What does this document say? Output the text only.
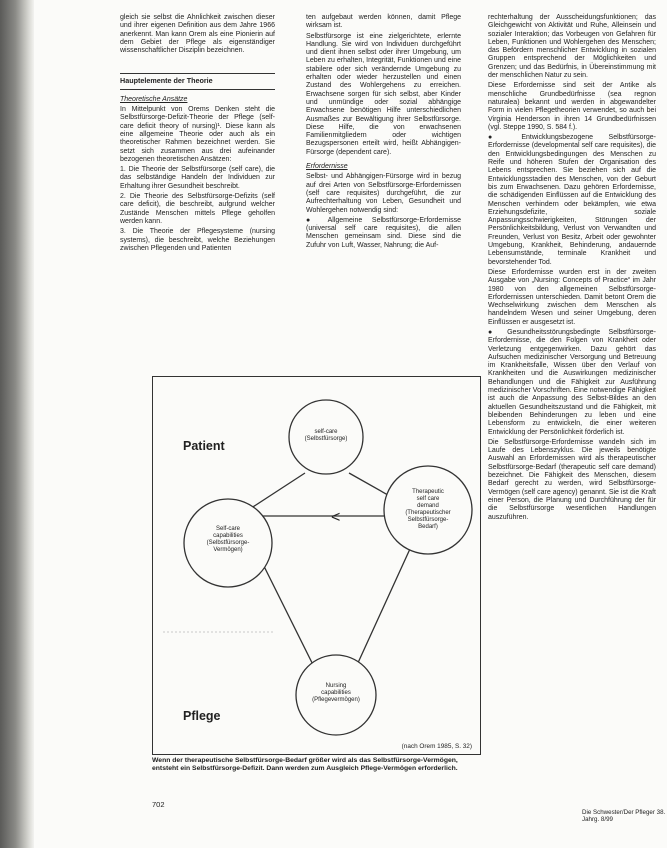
gleich sie selbst die Ahnlichkeit zwischen dieser und ihrer eigenen Definition aus dem Jahre 1966 anerkennt. Man kann Orem als eine Pionierin auf dem Gebiet der Pflege als eigenständiger wissenschaftlicher Disziplin bezeichnen.

Hauptelemente der Theorie
Theoretische Ansätze

In Mittelpunkt von Orems Denken steht die Selbstfürsorge-Defizit-Theorie der Pflege (self-care deficit theory of nursing)¹. Diese kann als eine allgemeine Theorie oder auch als ein theoretischer Rahmen bezeichnet werden. Sie setzt sich zusammen aus drei aufeinander bezogenen theoretischen Ansätzen:

1. Die Theorie der Selbstfürsorge (self care), die das selbständige Handeln der Individuen zur Erhaltung ihrer Gesundheit beschreibt.

2. Die Theorie des Selbstfürsorge-Defizits (self care deficit), die beschreibt, aufgrund welcher Zustände Menschen mittels Pflege geholfen werden kann.

3. Die Theorie der Pflegesysteme (nursing systems), die beschreibt, welche Beziehungen zwischen Pflegenden und Patienten

ten aufgebaut werden können, damit Pflege wirksam ist.

Selbstfürsorge ist eine zielgerichtete, erlernte Handlung. Sie wird von Individuen durchgeführt und dient ihnen selbst oder ihrer Umgebung, um Leben zu erhalten, Integrität, Funktionen und eine stabilere oder sich verändernde Umgebung zu erhalten oder wieder herzustellen und einen Zustand des Wohlergehens zu erreichen. Erwachsene sorgen für sich selbst, aber Kinder und unmündige oder sozial abhängige Erwachsene benötigen Hilfe unterschiedlichen Ausmaßes zur Bewältigung ihrer Selbstfürsorge. Diese Hilfe, die von erwachsenen Familienmitgliedern oder wichtigen Bezugspersonen erteilt wird, heißt Abhängigen-Fürsorge (dependent care).

Erfordernisse

Selbst- und Abhängigen-Fürsorge wird in bezug auf drei Arten von Selbstfürsorge-Erfordernissen (self care requisites) durchgeführt, die zur Aufrechterhaltung von Leben, Gesundheit und Wohlergehen notwendig sind:

● Allgemeine Selbstfürsorge-Erfordernisse (universal self care requisites), die allen Menschen gemeinsam sind. Diese sind die Zufuhr von Luft, Wasser, Nahrung; die Auf-

rechterhaltung der Ausscheidungsfunktionen; das Gleichgewicht von Aktivität und Ruhe, Alleinsein und sozialer Interaktion; das Vorbeugen von Gefahren für Leben, Funktionen und Wohlergehen des Menschen; das Befördern menschlicher Entwicklung in sozialen Gruppen entsprechend der Möglichkeiten und Grenzen; und das Bedürfnis, in Übereinstimmung mit der menschlichen Natur zu sein.

Diese Erfordernisse sind seit der Antike als menschliche Grundbedürfnisse (sea regnon naturalea) bekannt und werden in abgewandelter Form in vielen Pflegetheorien verwendet, so auch bei Virginia Henderson in ihren 14 Grundbedürfnissen (vgl. Steppe 1990, S. 584 f.).

● Entwicklungsbezogene Selbstfürsorge-Erfordernisse (developmental self care requisites), die den Entwicklungsbedingungen des Menschen zu Reife und höheren Stufen der Organisation des Lebens entsprechen. Sie beziehen sich auf die Entwicklungsstadien des Menschen, von der Geburt bis zum Erwachsenen. Dazu gehören Erfordernisse, die schädigenden Einflüssen auf die Entwicklung des Menschen verhindern oder bekämpfen, wie etwa Erziehungsdefizite, soziale Anpassungsschwierigkeiten, Störungen der Persönlichkeitsbildung, Verlust von Verwandten und Freunden, Verlust von Besitz, Arbeit oder gewohnter Umgebung, Krankheit, Behinderung, andauernde Lebensumstände, terminale Krankheit und bevorstehender Tod.

Diese Erfordernisse wurden erst in der zweiten Ausgabe von „Nursing: Concepts of Practice“ im Jahr 1980 von den allgemeinen Selbstfürsorge-Erfordernissen unterschieden. Damit betont Orem die Wechselwirkung zwischen dem Menschen als handelndem Wesen und seiner Umgebung, deren Einflüssen er ausgesetzt ist.

● Gesundheitsstörungsbedingte Selbstfürsorge-Erfordernisse, die den Folgen von Krankheit oder Verletzung entgegenwirken. Dazu gehört das Aufsuchen medizinischer Versorgung und Betreuung im Krankheitsfalle, Wissen über den Verlauf von Krankheiten und die Auswirkungen medizinischer Behandlungen und die Fähigkeit zur Ausführung medizinischer Vorschriften. Eine notwendige Fähigkeit ist auch die Anpassung des Selbst-Bildes an den aktuellen Gesundheitszustand und die Fähigkeit, mit bleibenden Behinderungen zu leben und eine Lebensform zu entwickeln, die einer weiteren Entwicklung der Persönlichkeit förderlich ist.

Die Selbstfürsorge-Erfordernisse wandeln sich im Laufe des Lebenszyklus. Die jeweils benötigte Auswahl an Erfordernissen wird als therapeutischer Selbstfürsorge-Bedarf (therapeutic self care demand) bezeichnet. Die Fähigkeit des Menschen, diesem Bedarf gerecht zu werden, wird Selbstfürsorge-Vermögen (self care agency) genannt. Sie ist die Kraft einer Person, die Planung und Durchführung der für die Selbstfürsorge wesentlichen Handlungen auszuführen.

<
Patient
Pflege
self-care
(Selbstfürsorge)
Self-care
capabilities
(Selbstfürsorge-
Vermögen)
Therapeutic
self care
demand
(Therapeutischer
Selbstfürsorge-
Bedarf)
Nursing
capabilities
(Pflegevermögen)
(nach Orem 1985, S. 32)
Wenn der therapeutische Selbstfürsorge-Bedarf größer wird als das Selbstfürsorge-Vermögen, entsteht ein Selbstfürsorge-Defizit. Dann werden zum Ausgleich Pflege-Vermögen erforderlich.
702
Die Schwester/Der Pfleger 38. Jahrg. 8/99
